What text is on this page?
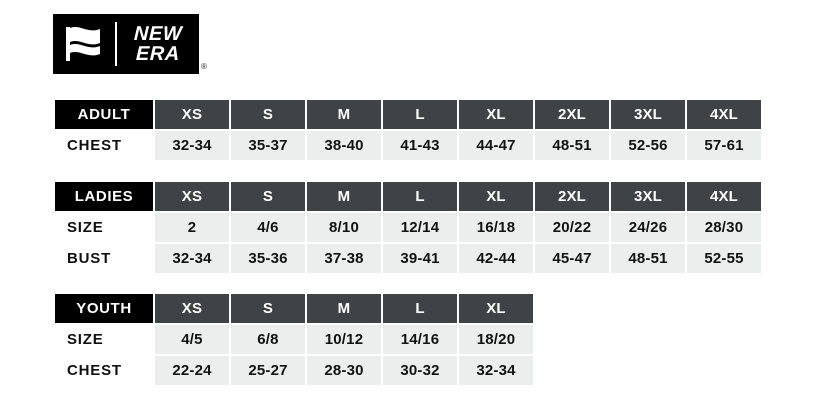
NEW
ERA
®
ADULT	XS	S	M	L	XL	2XL	3XL	4XL
CHEST	32-34	35-37	38-40	41-43	44-47	48-51	52-56	57-61
LADIES	XS	S	M	L	XL	2XL	3XL	4XL
SIZE	2	4/6	8/10	12/14	16/18	20/22	24/26	28/30
BUST	32-34	35-36	37-38	39-41	42-44	45-47	48-51	52-55
YOUTH	XS	S	M	L	XL
SIZE	4/5	6/8	10/12	14/16	18/20
CHEST	22-24	25-27	28-30	30-32	32-34
